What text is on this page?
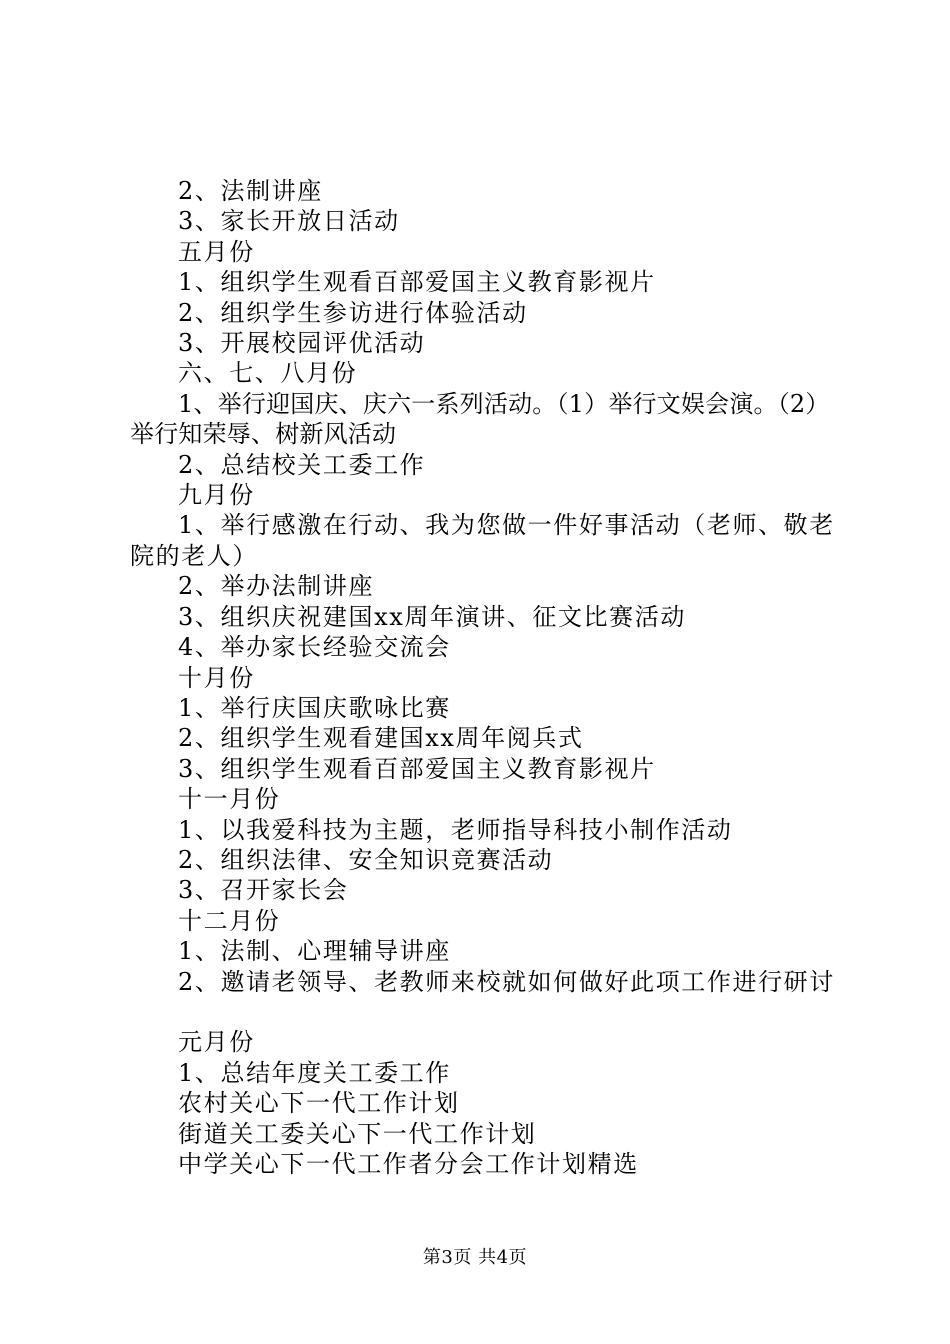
2、法制讲座

3、家长开放日活动

五月份

1、组织学生观看百部爱国主义教育影视片

2、组织学生参访进行体验活动

3、开展校园评优活动

六、七、八月份

1、举行迎国庆、庆六一系列活动。（1）举行文娱会演。（2）举行知荣辱、树新风活动

2、总结校关工委工作

九月份

1、举行感激在行动、我为您做一件好事活动（老师、敬老院的老人）

2、举办法制讲座

3、组织庆祝建国xx周年演讲、征文比赛活动

4、举办家长经验交流会

十月份

1、举行庆国庆歌咏比赛

2、组织学生观看建国xx周年阅兵式

3、组织学生观看百部爱国主义教育影视片

十一月份

1、以我爱科技为主题，老师指导科技小制作活动

2、组织法律、安全知识竞赛活动

3、召开家长会

十二月份

1、法制、心理辅导讲座

2、邀请老领导、老教师来校就如何做好此项工作进行研讨

元月份

1、总结年度关工委工作

农村关心下一代工作计划

街道关工委关心下一代工作计划

中学关心下一代工作者分会工作计划精选

第3页 共4页
